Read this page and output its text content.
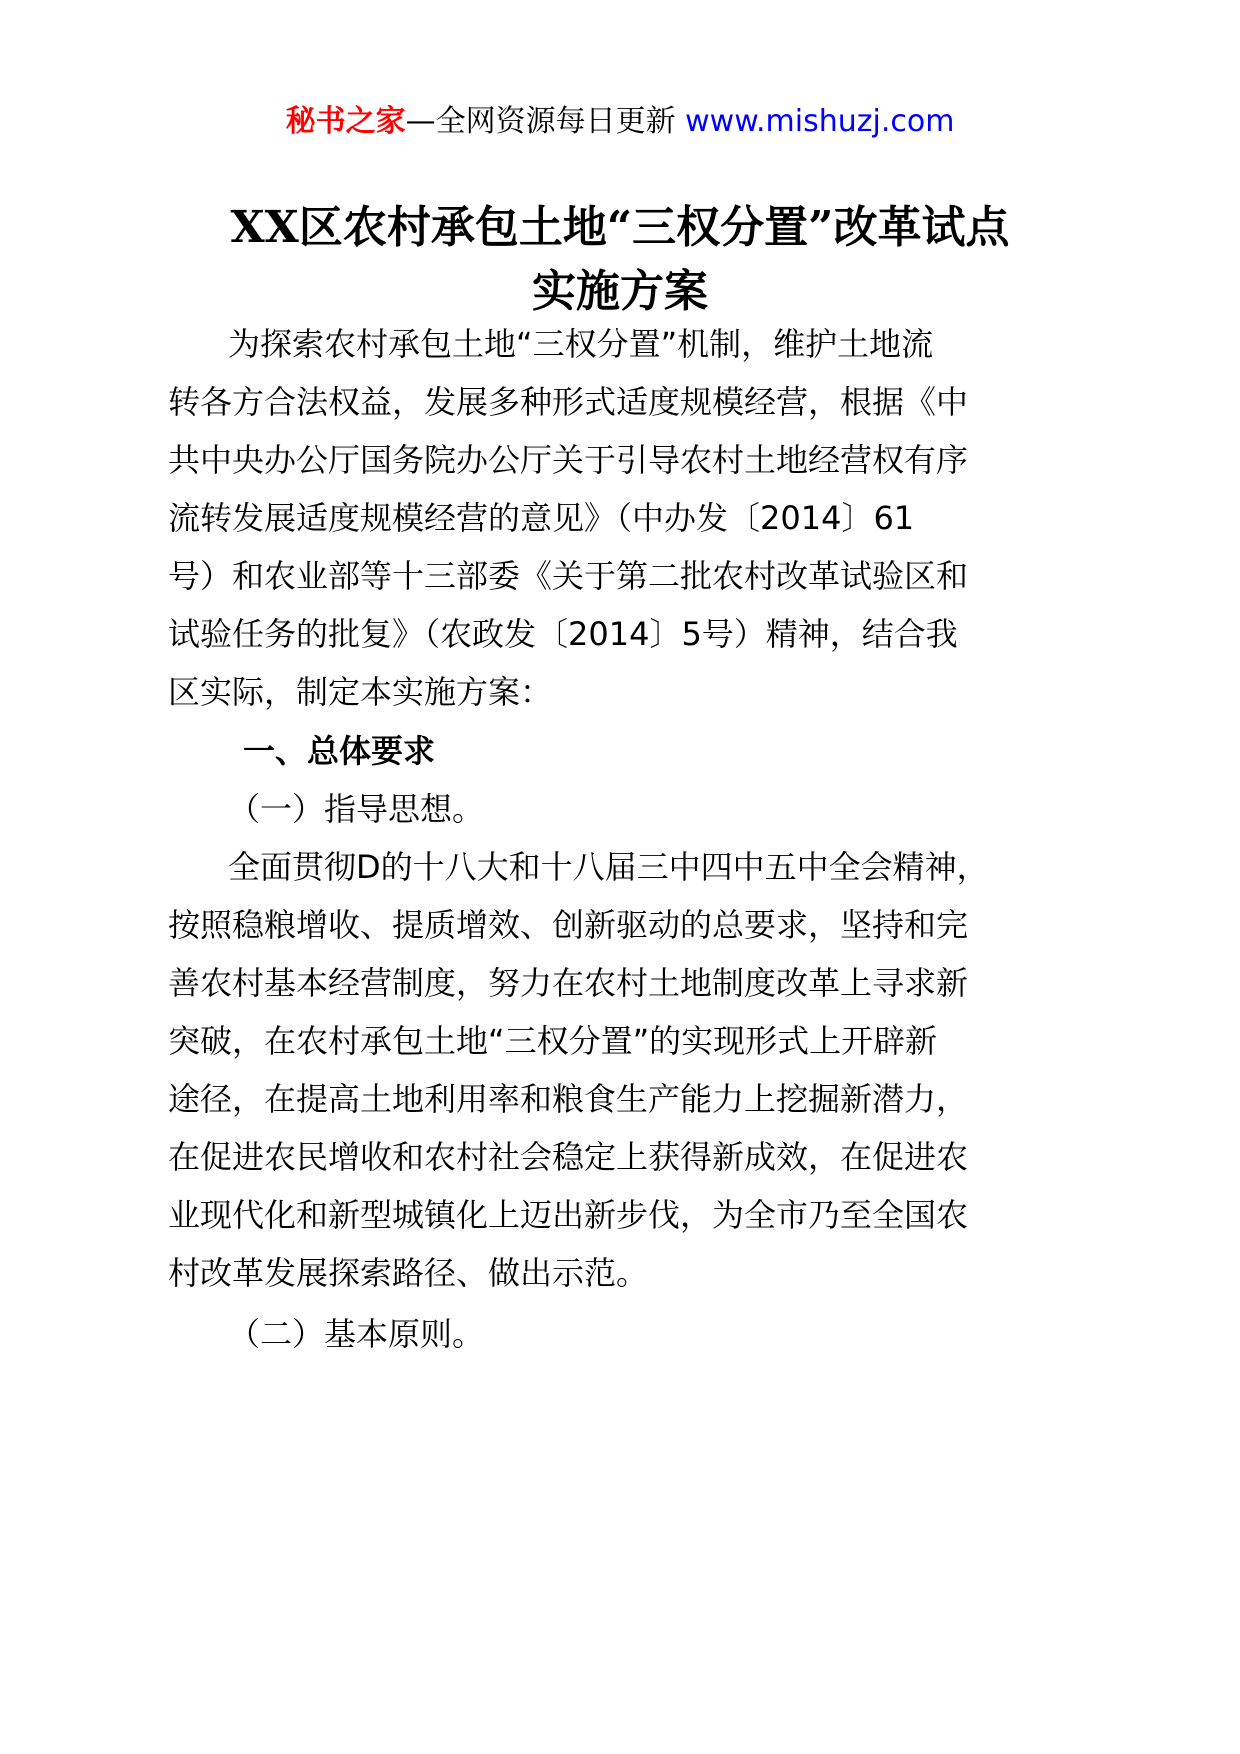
秘书之家—全网资源每日更新 www.mishuzj.com
XX区农村承包土地“三权分置”改革试点
实施方案
为探索农村承包土地“三权分置”机制，维护土地流
转各方合法权益，发展多种形式适度规模经营，根据《中
共中央办公厅国务院办公厅关于引导农村土地经营权有序
流转发展适度规模经营的意见》（中办发〔2014〕61
号）和农业部等十三部委《关于第二批农村改革试验区和
试验任务的批复》（农政发〔2014〕5号）精神，结合我
区实际，制定本实施方案：
一、总体要求
（一）指导思想。
全面贯彻D的十八大和十八届三中四中五中全会精神，
按照稳粮增收、提质增效、创新驱动的总要求，坚持和完
善农村基本经营制度，努力在农村土地制度改革上寻求新
突破，在农村承包土地“三权分置”的实现形式上开辟新
途径，在提高土地利用率和粮食生产能力上挖掘新潜力，
在促进农民增收和农村社会稳定上获得新成效，在促进农
业现代化和新型城镇化上迈出新步伐，为全市乃至全国农
村改革发展探索路径、做出示范。
（二）基本原则。
